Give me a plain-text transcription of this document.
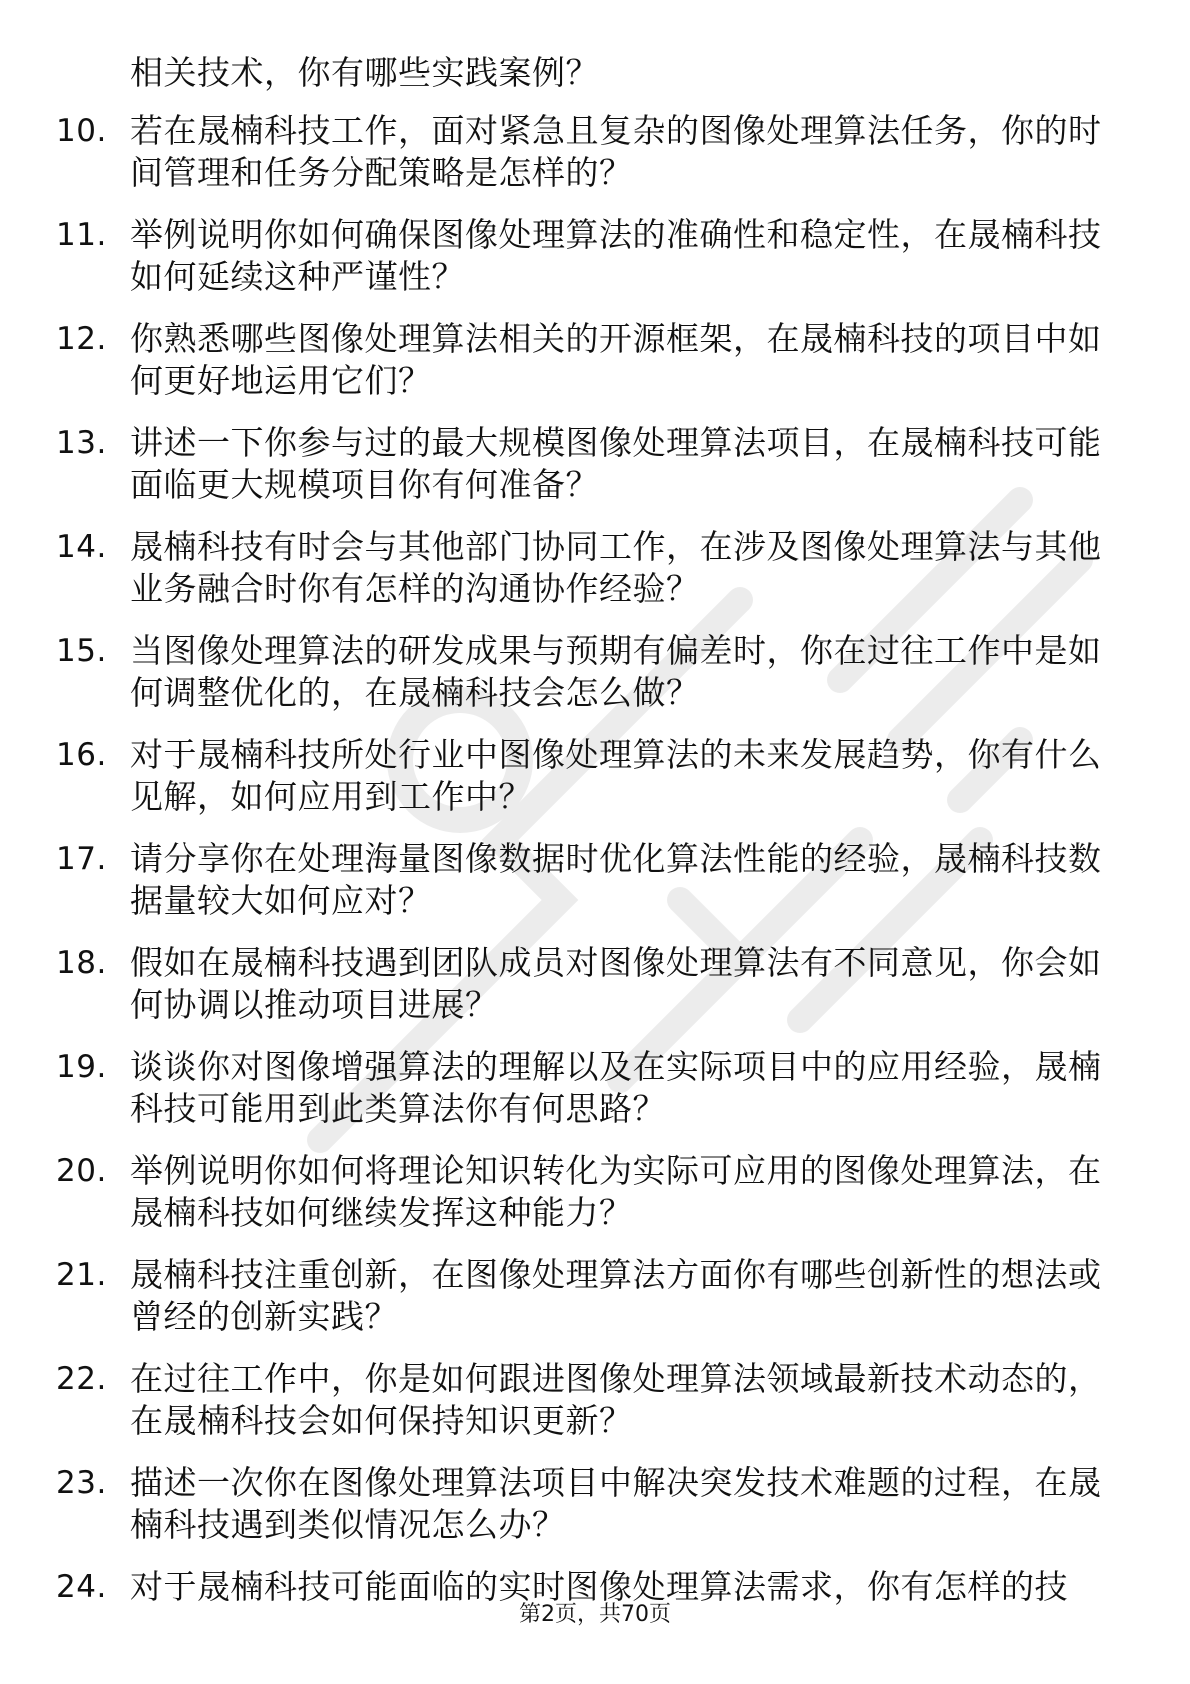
相关技术，你有哪些实践案例？
10. 若在晟楠科技工作，面对紧急且复杂的图像处理算法任务，你的时间管理和任务分配策略是怎样的？
11. 举例说明你如何确保图像处理算法的准确性和稳定性，在晟楠科技如何延续这种严谨性？
12. 你熟悉哪些图像处理算法相关的开源框架，在晟楠科技的项目中如何更好地运用它们？
13. 讲述一下你参与过的最大规模图像处理算法项目，在晟楠科技可能面临更大规模项目你有何准备？
14. 晟楠科技有时会与其他部门协同工作，在涉及图像处理算法与其他业务融合时你有怎样的沟通协作经验？
15. 当图像处理算法的研发成果与预期有偏差时，你在过往工作中是如何调整优化的，在晟楠科技会怎么做？
16. 对于晟楠科技所处行业中图像处理算法的未来发展趋势，你有什么见解，如何应用到工作中？
17. 请分享你在处理海量图像数据时优化算法性能的经验，晟楠科技数据量较大如何应对？
18. 假如在晟楠科技遇到团队成员对图像处理算法有不同意见，你会如何协调以推动项目进展？
19. 谈谈你对图像增强算法的理解以及在实际项目中的应用经验，晟楠科技可能用到此类算法你有何思路？
20. 举例说明你如何将理论知识转化为实际可应用的图像处理算法，在晟楠科技如何继续发挥这种能力？
21. 晟楠科技注重创新，在图像处理算法方面你有哪些创新性的想法或曾经的创新实践？
22. 在过往工作中，你是如何跟进图像处理算法领域最新技术动态的，在晟楠科技会如何保持知识更新？
23. 描述一次你在图像处理算法项目中解决突发技术难题的过程，在晟楠科技遇到类似情况怎么办？
24. 对于晟楠科技可能面临的实时图像处理算法需求，你有怎样的技
第2页，共70页
